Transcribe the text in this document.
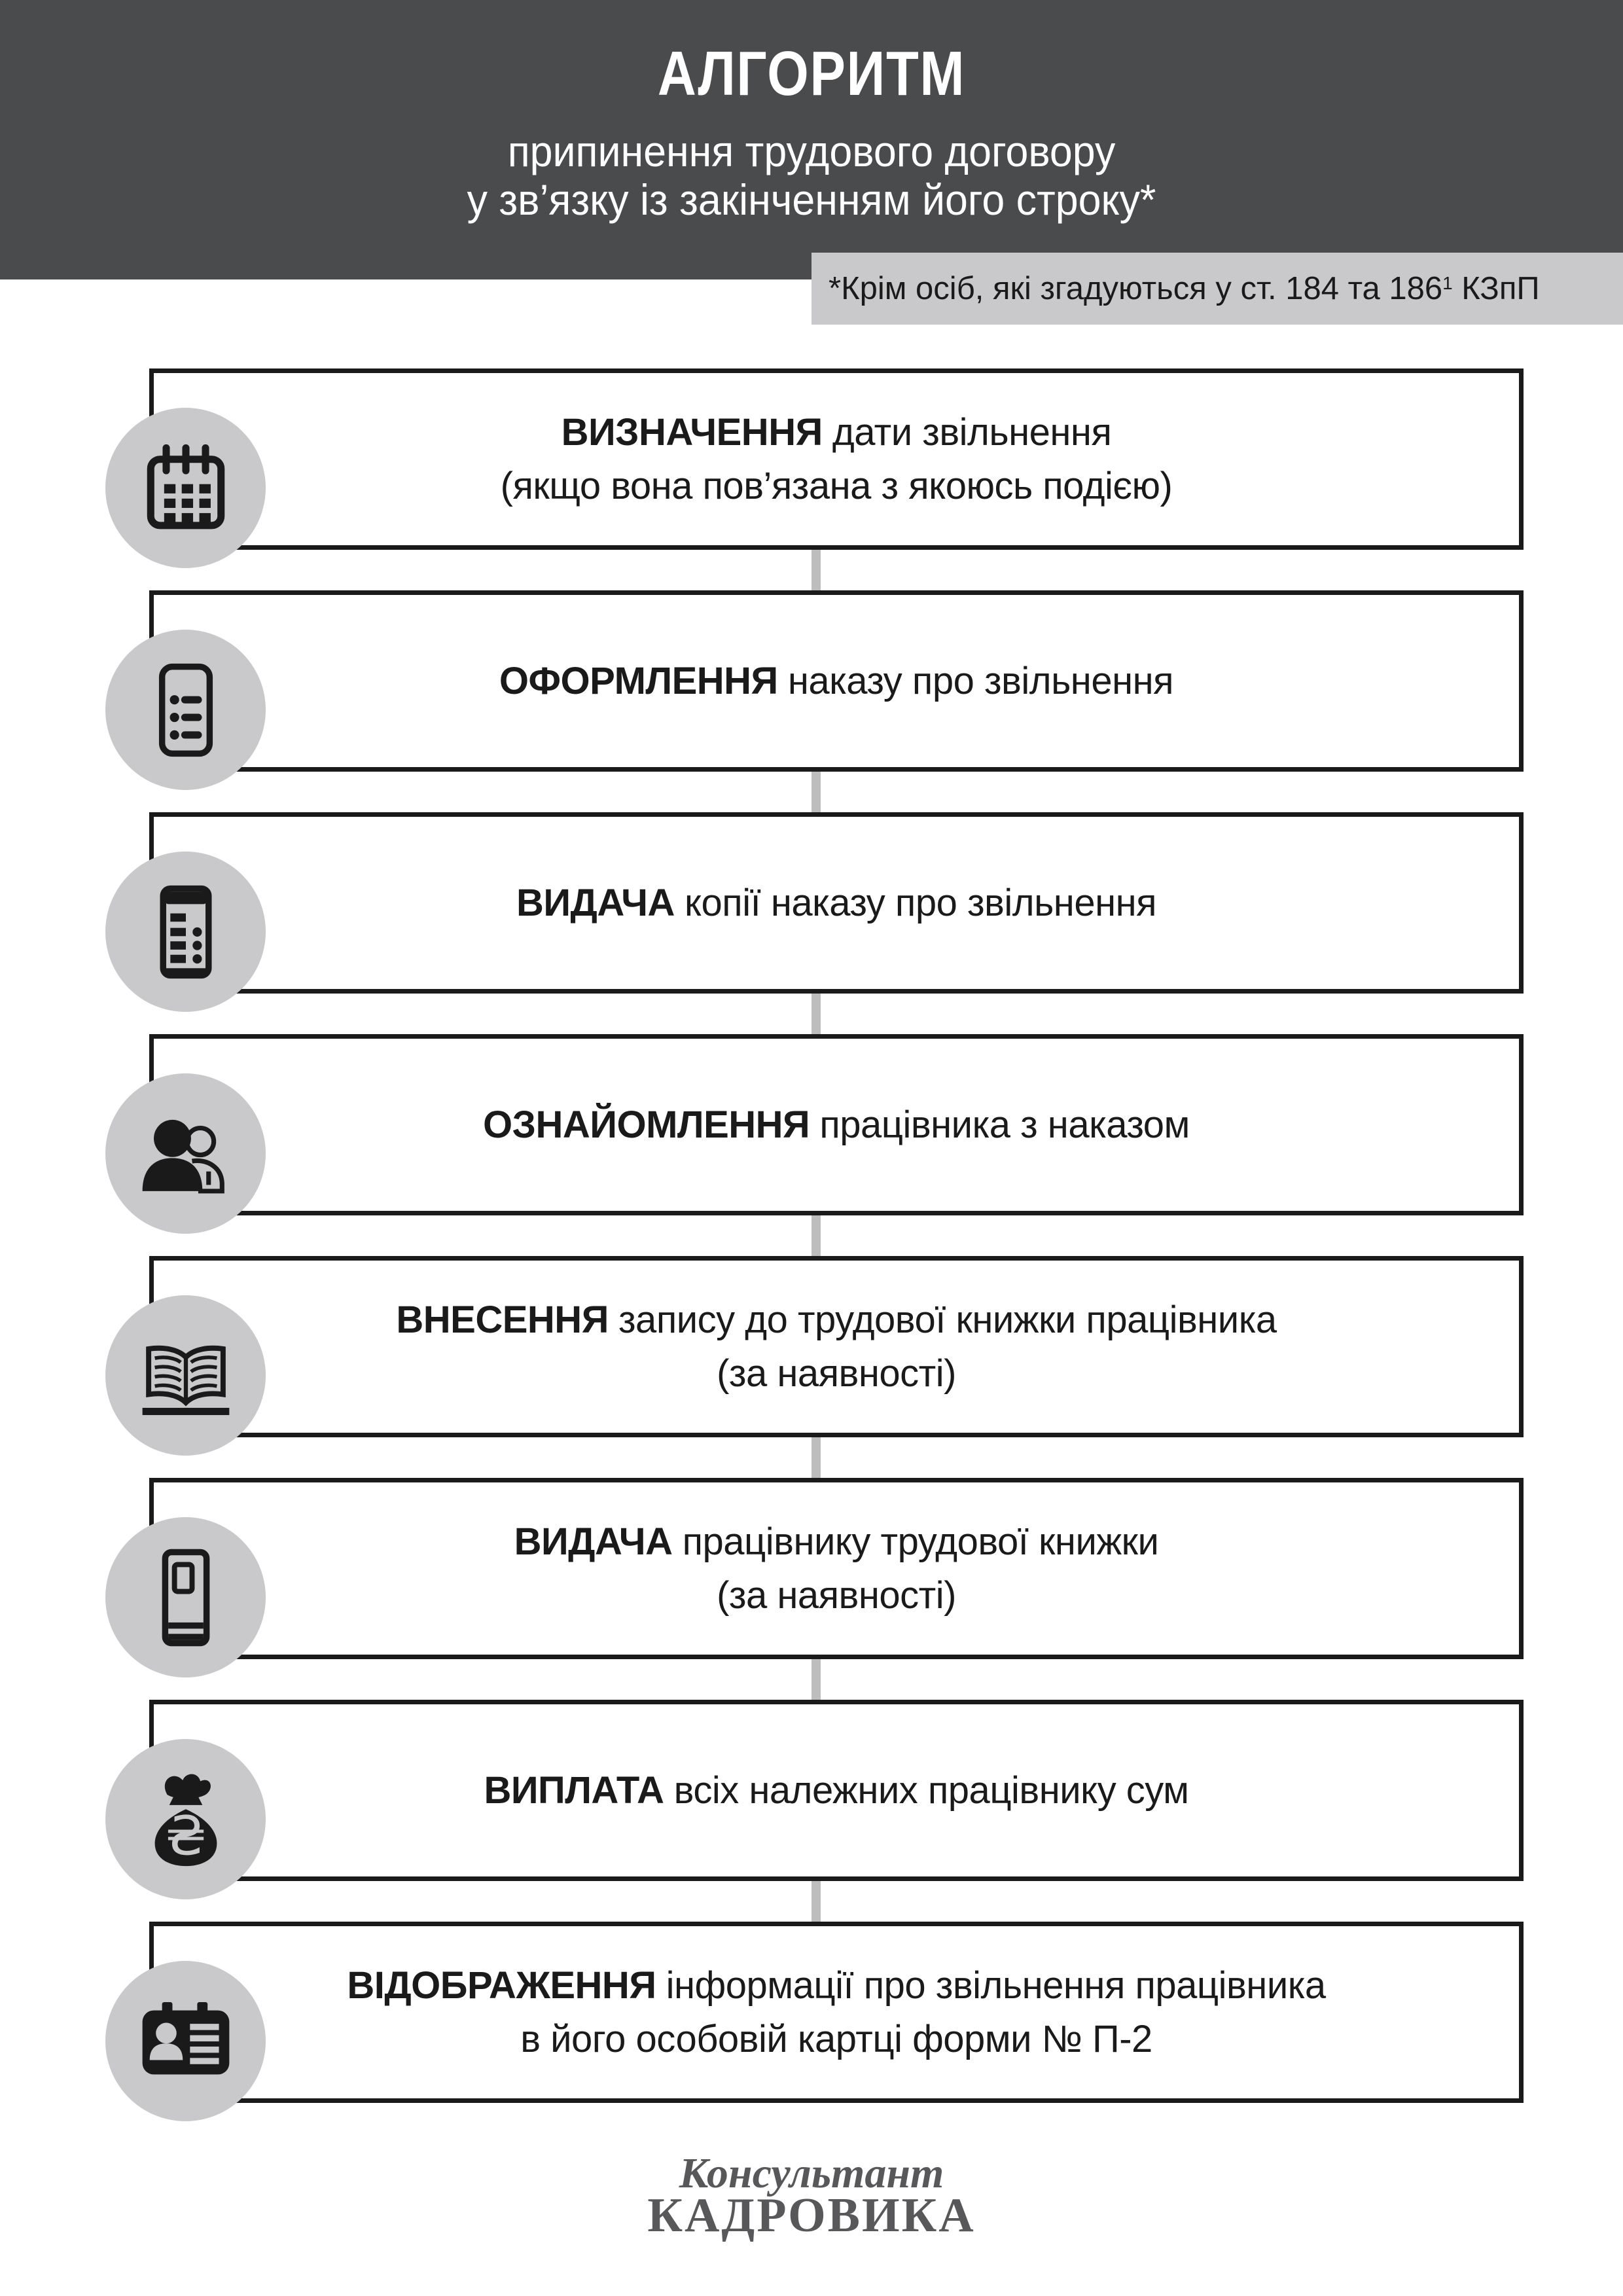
АЛГОРИТМ
припинення трудового договору
у зв’язку із закінченням його строку*
*Крім осіб, які згадуються у ст. 184 та $186^1$ КЗпП
ВИЗНАЧЕННЯ дати звільнення
(якщо вона пов’язана з якоюсь подією)
ОФОРМЛЕННЯ наказу про звільнення
ВИДАЧА копії наказу про звільнення
ОЗНАЙОМЛЕННЯ працівника з наказом
ВНЕСЕННЯ запису до трудової книжки працівника
(за наявності)
ВИДАЧА працівнику трудової книжки
(за наявності)
ВИПЛАТА всіх належних працівнику сум
₴
ВІДОБРАЖЕННЯ інформації про звільнення працівника
в його особовій картці форми № П-2
Консультант
КАДРОВИКА
